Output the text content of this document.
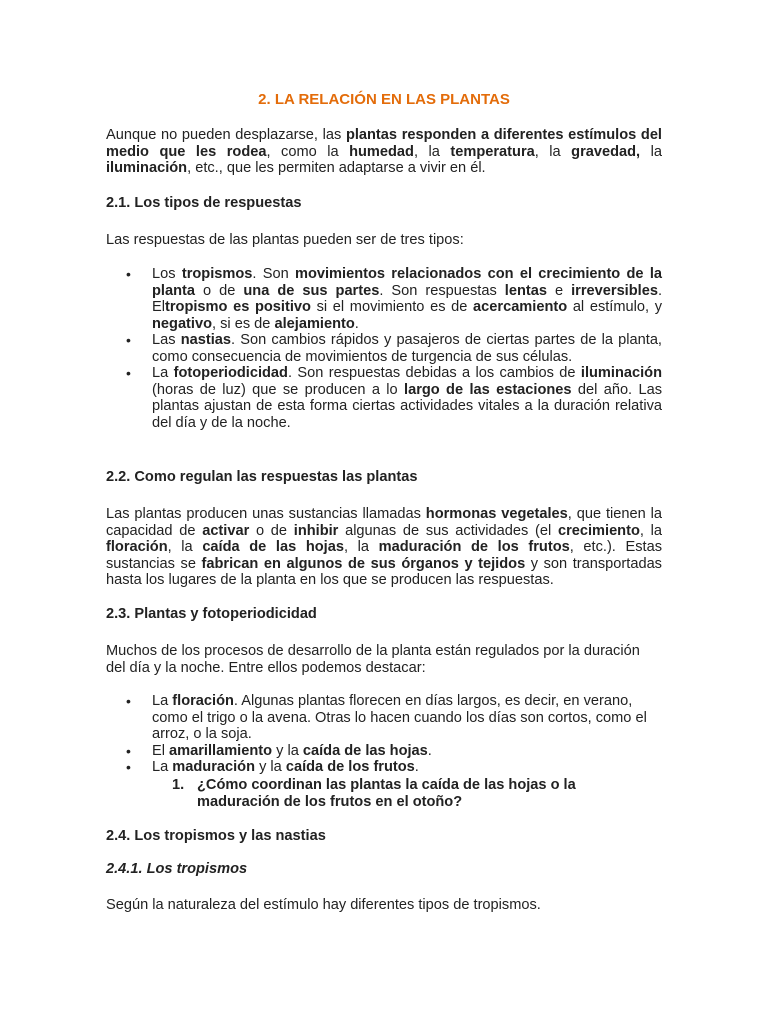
2. LA RELACIÓN EN LAS PLANTAS

Aunque no pueden desplazarse, las plantas responden a diferentes estímulos del medio que les rodea, como la humedad, la temperatura, la gravedad, la iluminación, etc., que les permiten adaptarse a vivir en él.

2.1. Los tipos de respuestas

Las respuestas de las plantas pueden ser de tres tipos:

• Los tropismos. Son movimientos relacionados con el crecimiento de la planta o de una de sus partes. Son respuestas lentas e irreversibles. Eltropismo es positivo si el movimiento es de acercamiento al estímulo, y negativo, si es de alejamiento.
• Las nastias. Son cambios rápidos y pasajeros de ciertas partes de la planta, como consecuencia de movimientos de turgencia de sus células.
• La fotoperiodicidad. Son respuestas debidas a los cambios de iluminación (horas de luz) que se producen a lo largo de las estaciones del año. Las plantas ajustan de esta forma ciertas actividades vitales a la duración relativa del día y de la noche.

2.2. Como regulan las respuestas las plantas

Las plantas producen unas sustancias llamadas hormonas vegetales, que tienen la capacidad de activar o de inhibir algunas de sus actividades (el crecimiento, la floración, la caída de las hojas, la maduración de los frutos, etc.). Estas sustancias se fabrican en algunos de sus órganos y tejidos y son transportadas hasta los lugares de la planta en los que se producen las respuestas.

2.3. Plantas y fotoperiodicidad

Muchos de los procesos de desarrollo de la planta están regulados por la duración del día y la noche. Entre ellos podemos destacar:

• La floración. Algunas plantas florecen en días largos, es decir, en verano, como el trigo o la avena. Otras lo hacen cuando los días son cortos, como el arroz, o la soja.
• El amarillamiento y la caída de las hojas.
• La maduración y la caída de los frutos.
1. ¿Cómo coordinan las plantas la caída de las hojas o la maduración de los frutos en el otoño?

2.4. Los tropismos y las nastias

2.4.1. Los tropismos

Según la naturaleza del estímulo hay diferentes tipos de tropismos.
